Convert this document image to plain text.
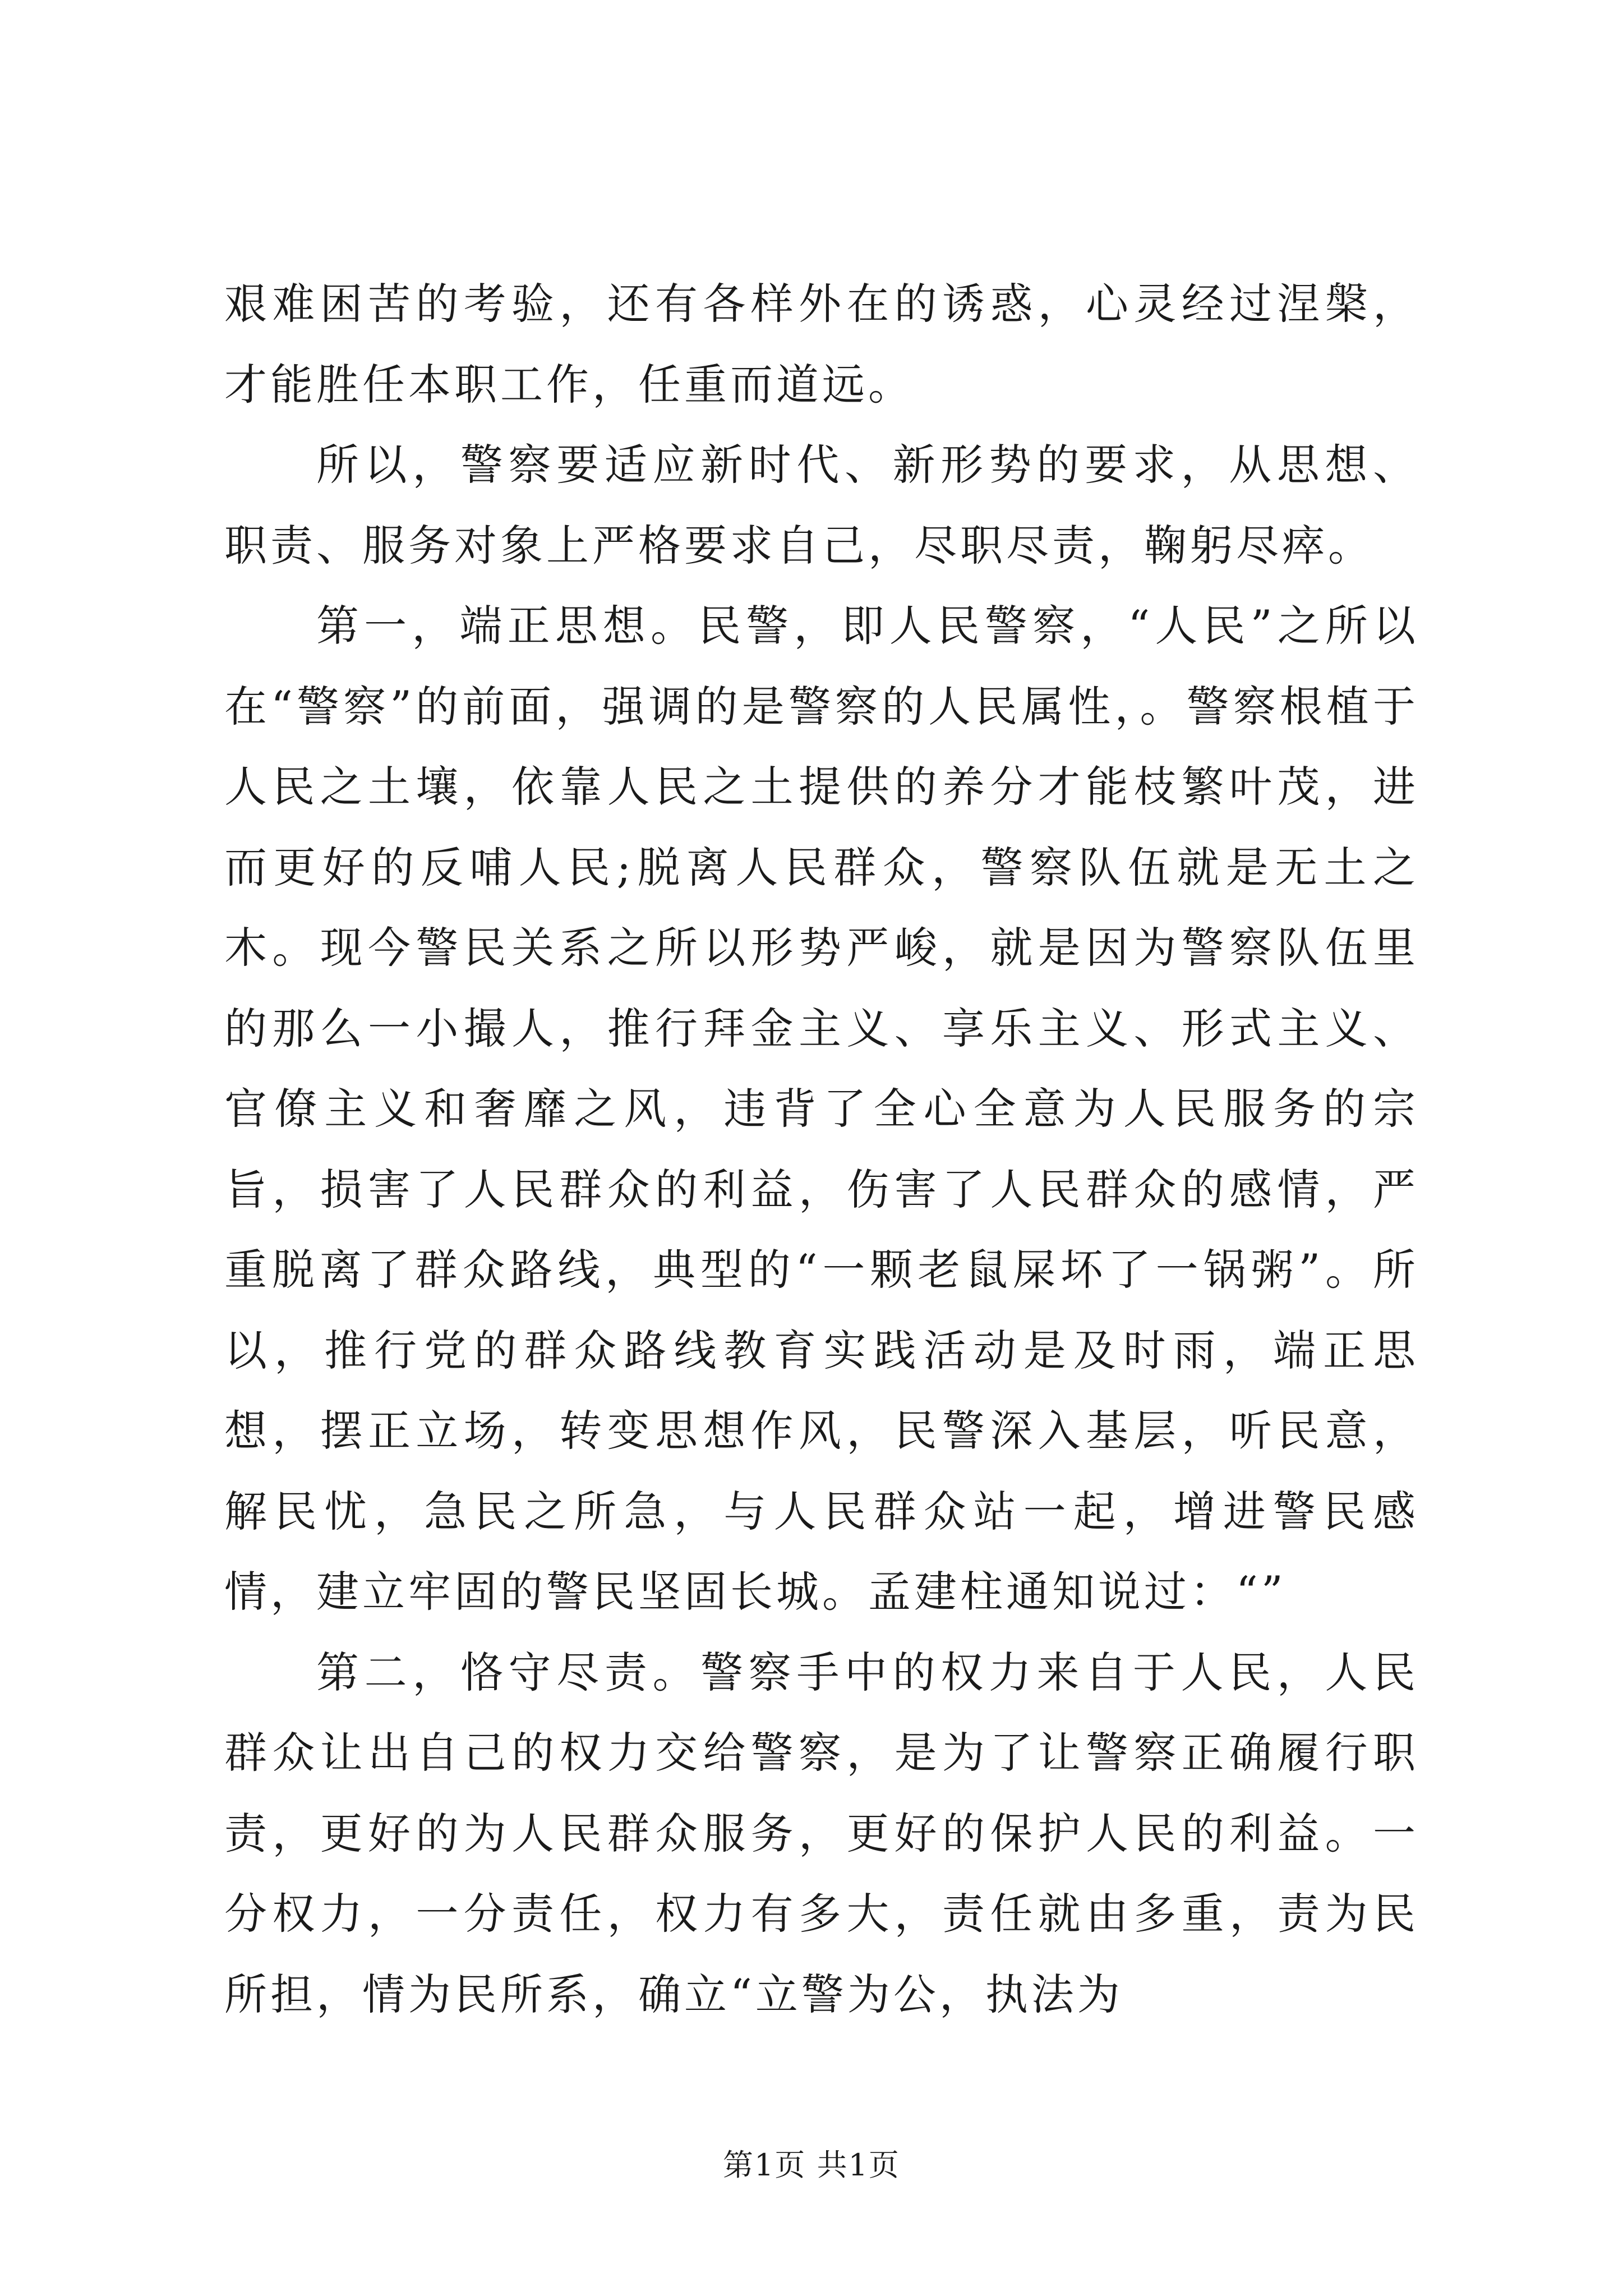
艰难困苦的考验，还有各样外在的诱惑，心灵经过涅槃，才能胜任本职工作，任重而道远。

所以，警察要适应新时代、新形势的要求，从思想、职责、服务对象上严格要求自己，尽职尽责，鞠躬尽瘁。

第一，端正思想。民警，即人民警察，“人民”之所以在“警察”的前面，强调的是警察的人民属性，。警察根植于人民之土壤，依靠人民之土提供的养分才能枝繁叶茂，进而更好的反哺人民;脱离人民群众，警察队伍就是无土之木。现今警民关系之所以形势严峻，就是因为警察队伍里的那么一小撮人，推行拜金主义、享乐主义、形式主义、官僚主义和奢靡之风，违背了全心全意为人民服务的宗旨，损害了人民群众的利益，伤害了人民群众的感情，严重脱离了群众路线，典型的“一颗老鼠屎坏了一锅粥”。所以，推行党的群众路线教育实践活动是及时雨，端正思想，摆正立场，转变思想作风，民警深入基层，听民意，解民忧，急民之所急，与人民群众站一起，增进警民感情，建立牢固的警民坚固长城。孟建柱通知说过：“”

第二，恪守尽责。警察手中的权力来自于人民，人民群众让出自己的权力交给警察，是为了让警察正确履行职责，更好的为人民群众服务，更好的保护人民的利益。一分权力，一分责任，权力有多大，责任就由多重，责为民所担，情为民所系，确立“立警为公，执法为

第1页 共1页
